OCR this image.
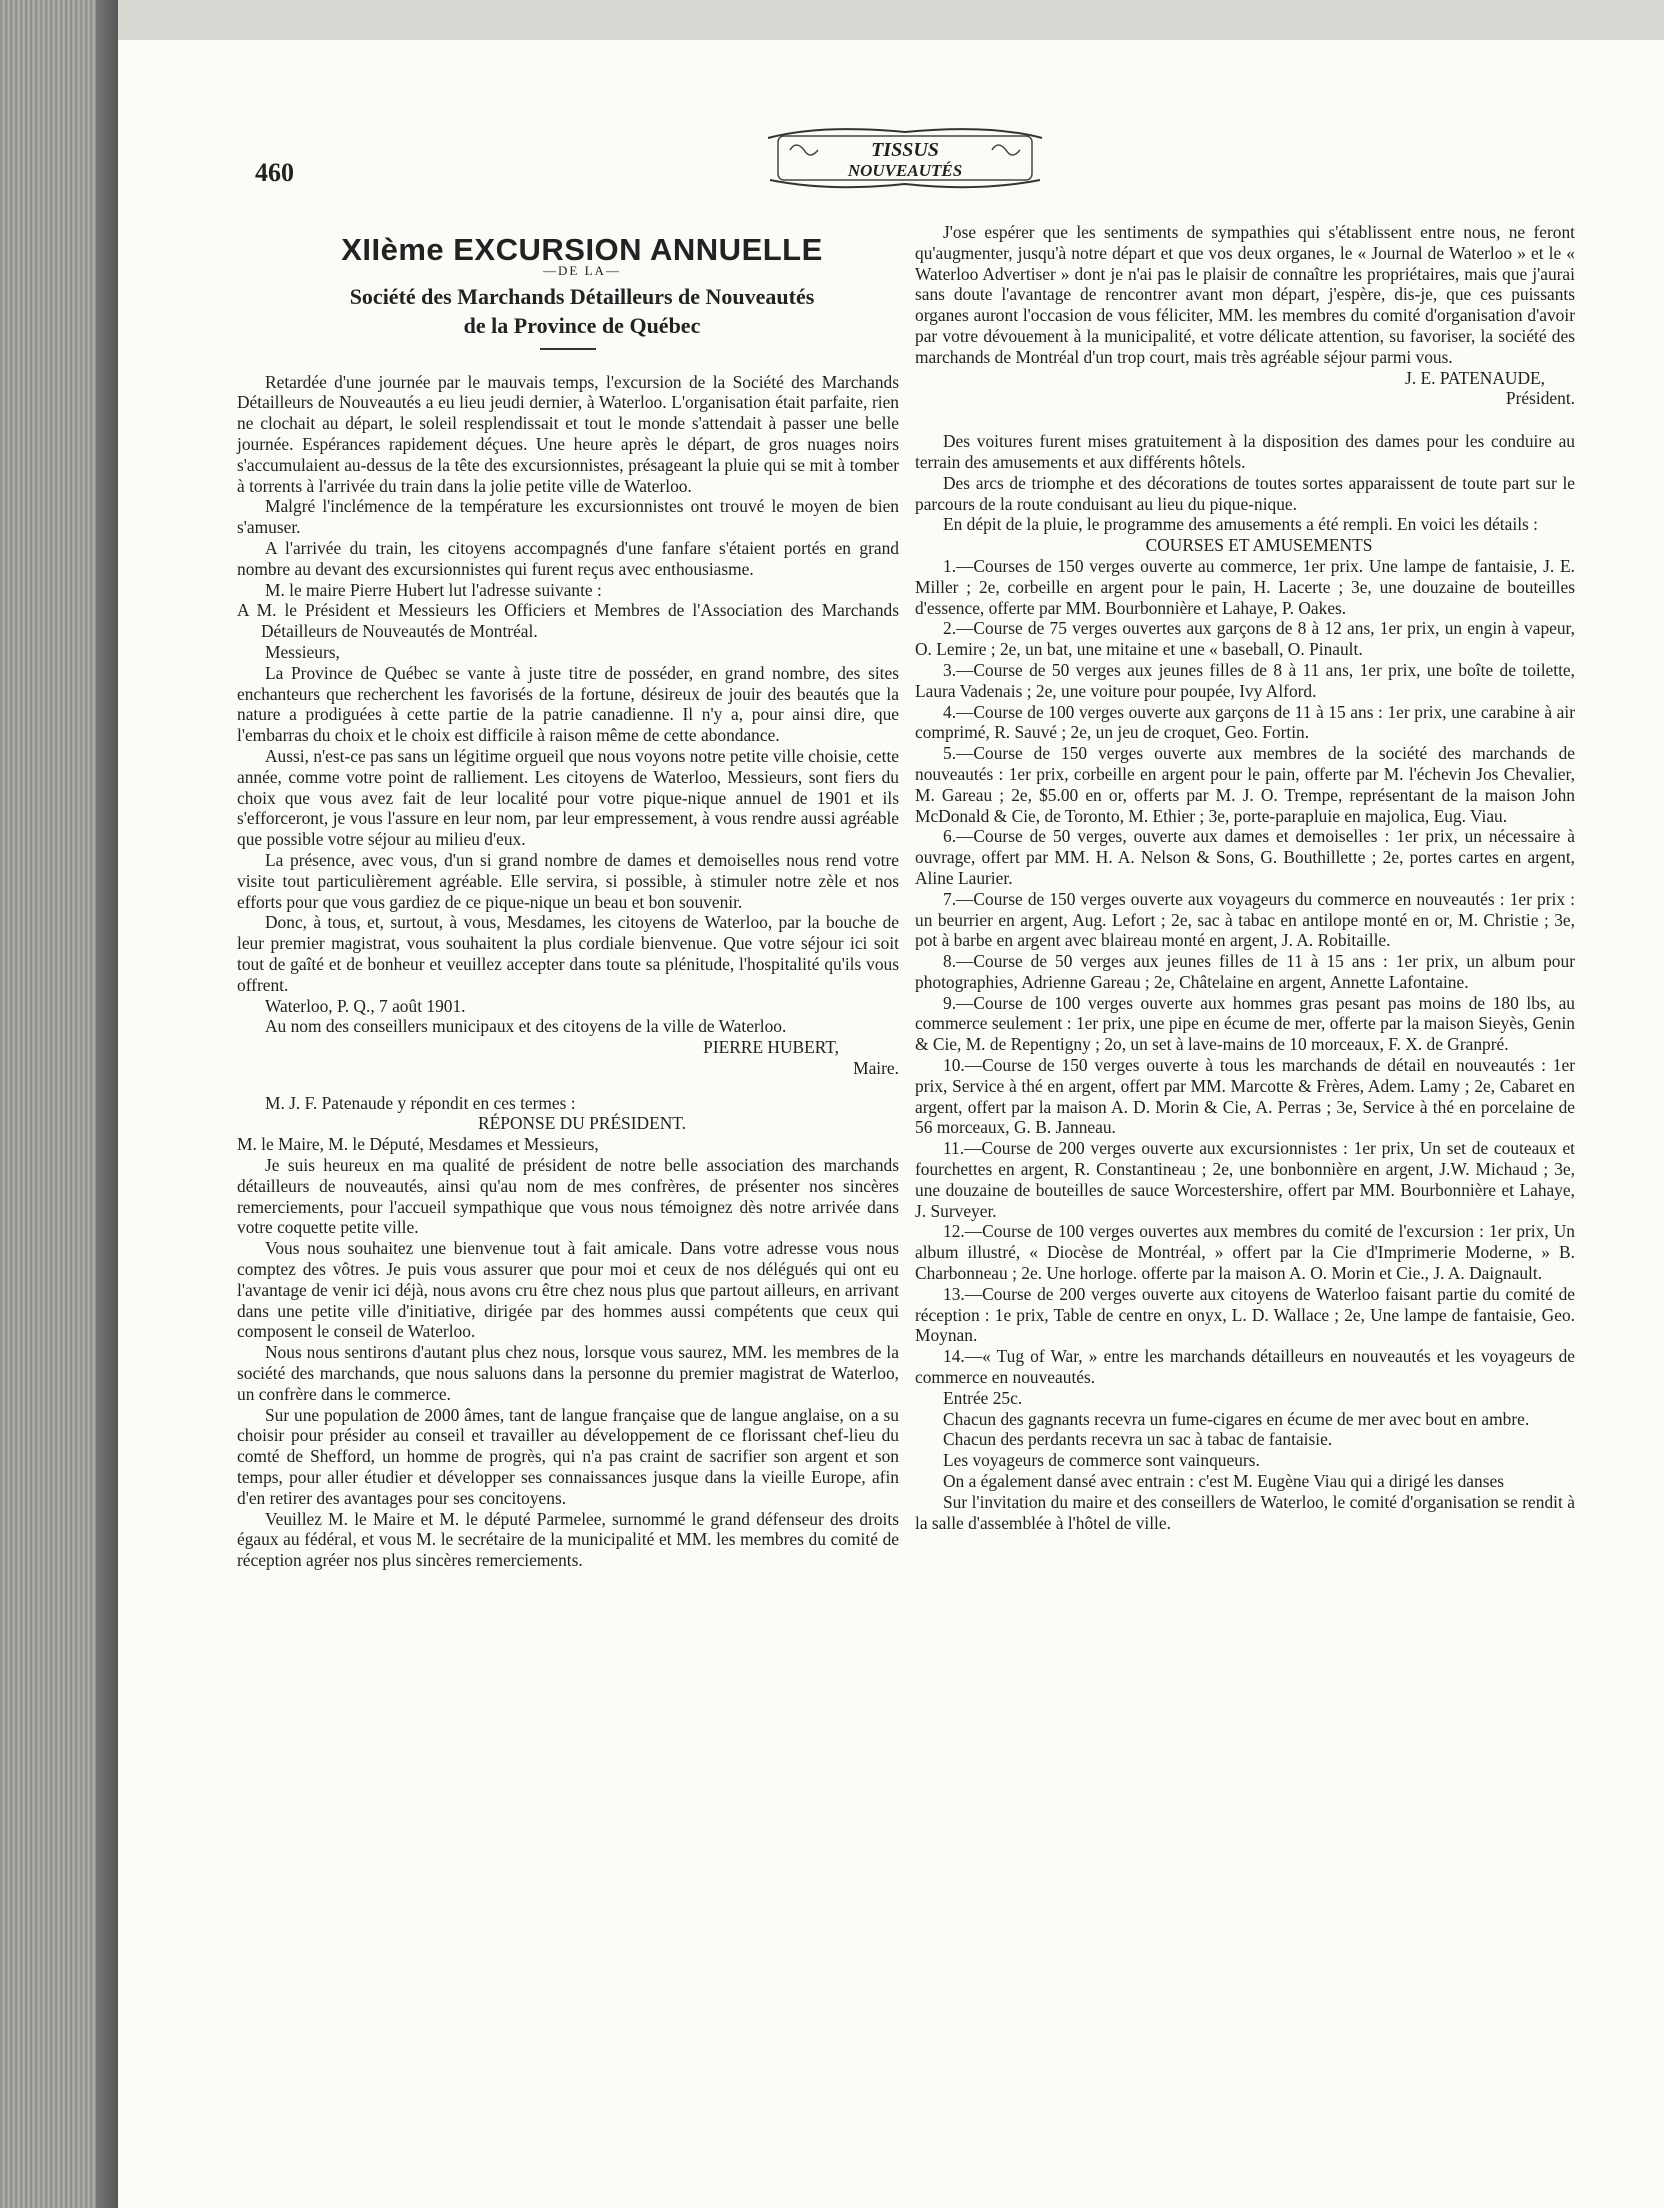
460
TISSUS
NOUVEAUTÉS

XIIème EXCURSION ANNUELLE

—DE LA—

Société des Marchands Détailleurs de Nouveautés

de la Province de Québec

Retardée d'une journée par le mauvais temps, l'excursion de la Société des Marchands Détailleurs de Nouveautés a eu lieu jeudi dernier, à Waterloo. L'organisation était parfaite, rien ne clochait au départ, le soleil resplendissait et tout le monde s'attendait à passer une belle journée. Espérances rapidement déçues. Une heure après le départ, de gros nuages noirs s'accumulaient au-dessus de la tête des excursionnistes, présageant la pluie qui se mit à tomber à torrents à l'arrivée du train dans la jolie petite ville de Waterloo.

Malgré l'inclémence de la température les excursionnistes ont trouvé le moyen de bien s'amuser.

A l'arrivée du train, les citoyens accompagnés d'une fanfare s'étaient portés en grand nombre au devant des excursionnistes qui furent reçus avec enthousiasme.

M. le maire Pierre Hubert lut l'adresse suivante :

A M. le Président et Messieurs les Officiers et Membres de l'Association des Marchands Détailleurs de Nouveautés de Montréal.

Messieurs,

La Province de Québec se vante à juste titre de posséder, en grand nombre, des sites enchanteurs que recherchent les favorisés de la fortune, désireux de jouir des beautés que la nature a prodiguées à cette partie de la patrie canadienne. Il n'y a, pour ainsi dire, que l'embarras du choix et le choix est difficile à raison même de cette abondance.

Aussi, n'est-ce pas sans un légitime orgueil que nous voyons notre petite ville choisie, cette année, comme votre point de ralliement. Les citoyens de Waterloo, Messieurs, sont fiers du choix que vous avez fait de leur localité pour votre pique-nique annuel de 1901 et ils s'efforceront, je vous l'assure en leur nom, par leur empressement, à vous rendre aussi agréable que possible votre séjour au milieu d'eux.

La présence, avec vous, d'un si grand nombre de dames et demoiselles nous rend votre visite tout particulièrement agréable. Elle servira, si possible, à stimuler notre zèle et nos efforts pour que vous gardiez de ce pique-nique un beau et bon souvenir.

Donc, à tous, et, surtout, à vous, Mesdames, les citoyens de Waterloo, par la bouche de leur premier magistrat, vous souhaitent la plus cordiale bienvenue. Que votre séjour ici soit tout de gaîté et de bonheur et veuillez accepter dans toute sa plénitude, l'hospitalité qu'ils vous offrent.

Waterloo, P. Q., 7 août 1901.

Au nom des conseillers municipaux et des citoyens de la ville de Waterloo.

PIERRE HUBERT,

Maire.

M. J. F. Patenaude y répondit en ces termes :

RÉPONSE DU PRÉSIDENT.

M. le Maire, M. le Député, Mesdames et Messieurs,

Je suis heureux en ma qualité de président de notre belle association des marchands détailleurs de nouveautés, ainsi qu'au nom de mes confrères, de présenter nos sincères remerciements, pour l'accueil sympathique que vous nous témoignez dès notre arrivée dans votre coquette petite ville.

Vous nous souhaitez une bienvenue tout à fait amicale. Dans votre adresse vous nous comptez des vôtres. Je puis vous assurer que pour moi et ceux de nos délégués qui ont eu l'avantage de venir ici déjà, nous avons cru être chez nous plus que partout ailleurs, en arrivant dans une petite ville d'initiative, dirigée par des hommes aussi compétents que ceux qui composent le conseil de Waterloo.

Nous nous sentirons d'autant plus chez nous, lorsque vous saurez, MM. les membres de la société des marchands, que nous saluons dans la personne du premier magistrat de Waterloo, un confrère dans le commerce.

Sur une population de 2000 âmes, tant de langue française que de langue anglaise, on a su choisir pour présider au conseil et travailler au développement de ce florissant chef-lieu du comté de Shefford, un homme de progrès, qui n'a pas craint de sacrifier son argent et son temps, pour aller étudier et développer ses connaissances jusque dans la vieille Europe, afin d'en retirer des avantages pour ses concitoyens.

Veuillez M. le Maire et M. le député Parmelee, surnommé le grand défenseur des droits égaux au fédéral, et vous M. le secrétaire de la municipalité et MM. les membres du comité de réception agréer nos plus sincères remerciements.

J'ose espérer que les sentiments de sympathies qui s'établissent entre nous, ne feront qu'augmenter, jusqu'à notre départ et que vos deux organes, le « Journal de Waterloo » et le « Waterloo Advertiser » dont je n'ai pas le plaisir de connaître les propriétaires, mais que j'aurai sans doute l'avantage de rencontrer avant mon départ, j'espère, dis-je, que ces puissants organes auront l'occasion de vous féliciter, MM. les membres du comité d'organisation d'avoir par votre dévouement à la municipalité, et votre délicate attention, su favoriser, la société des marchands de Montréal d'un trop court, mais très agréable séjour parmi vous.

J. E. PATENAUDE,

Président.

Des voitures furent mises gratuitement à la disposition des dames pour les conduire au terrain des amusements et aux différents hôtels.

Des arcs de triomphe et des décorations de toutes sortes apparaissent de toute part sur le parcours de la route conduisant au lieu du pique-nique.

En dépit de la pluie, le programme des amusements a été rempli. En voici les détails :

COURSES ET AMUSEMENTS

1.—Courses de 150 verges ouverte au commerce, 1er prix. Une lampe de fantaisie, J. E. Miller ; 2e, corbeille en argent pour le pain, H. Lacerte ; 3e, une douzaine de bouteilles d'essence, offerte par MM. Bourbonnière et Lahaye, P. Oakes.

2.—Course de 75 verges ouvertes aux garçons de 8 à 12 ans, 1er prix, un engin à vapeur, O. Lemire ; 2e, un bat, une mitaine et une « baseball, O. Pinault.

3.—Course de 50 verges aux jeunes filles de 8 à 11 ans, 1er prix, une boîte de toilette, Laura Vadenais ; 2e, une voiture pour poupée, Ivy Alford.

4.—Course de 100 verges ouverte aux garçons de 11 à 15 ans : 1er prix, une carabine à air comprimé, R. Sauvé ; 2e, un jeu de croquet, Geo. Fortin.

5.—Course de 150 verges ouverte aux membres de la société des marchands de nouveautés : 1er prix, corbeille en argent pour le pain, offerte par M. l'échevin Jos Chevalier, M. Gareau ; 2e, $5.00 en or, offerts par M. J. O. Trempe, représentant de la maison John McDonald & Cie, de Toronto, M. Ethier ; 3e, porte-parapluie en majolica, Eug. Viau.

6.—Course de 50 verges, ouverte aux dames et demoiselles : 1er prix, un nécessaire à ouvrage, offert par MM. H. A. Nelson & Sons, G. Bouthillette ; 2e, portes cartes en argent, Aline Laurier.

7.—Course de 150 verges ouverte aux voyageurs du commerce en nouveautés : 1er prix : un beurrier en argent, Aug. Lefort ; 2e, sac à tabac en antilope monté en or, M. Christie ; 3e, pot à barbe en argent avec blaireau monté en argent, J. A. Robitaille.

8.—Course de 50 verges aux jeunes filles de 11 à 15 ans : 1er prix, un album pour photographies, Adrienne Gareau ; 2e, Châtelaine en argent, Annette Lafontaine.

9.—Course de 100 verges ouverte aux hommes gras pesant pas moins de 180 lbs, au commerce seulement : 1er prix, une pipe en écume de mer, offerte par la maison Sieyès, Genin & Cie, M. de Repentigny ; 2o, un set à lave-mains de 10 morceaux, F. X. de Granpré.

10.—Course de 150 verges ouverte à tous les marchands de détail en nouveautés : 1er prix, Service à thé en argent, offert par MM. Marcotte & Frères, Adem. Lamy ; 2e, Cabaret en argent, offert par la maison A. D. Morin & Cie, A. Perras ; 3e, Service à thé en porcelaine de 56 morceaux, G. B. Janneau.

11.—Course de 200 verges ouverte aux excursionnistes : 1er prix, Un set de couteaux et fourchettes en argent, R. Constantineau ; 2e, une bonbonnière en argent, J.W. Michaud ; 3e, une douzaine de bouteilles de sauce Worcestershire, offert par MM. Bourbonnière et Lahaye, J. Surveyer.

12.—Course de 100 verges ouvertes aux membres du comité de l'excursion : 1er prix, Un album illustré, « Diocèse de Montréal, » offert par la Cie d'Imprimerie Moderne, » B. Charbonneau ; 2e. Une horloge. offerte par la maison A. O. Morin et Cie., J. A. Daignault.

13.—Course de 200 verges ouverte aux citoyens de Waterloo faisant partie du comité de réception : 1e prix, Table de centre en onyx, L. D. Wallace ; 2e, Une lampe de fantaisie, Geo. Moynan.

14.—« Tug of War, » entre les marchands détailleurs en nouveautés et les voyageurs de commerce en nouveautés.

Entrée 25c.

Chacun des gagnants recevra un fume-cigares en écume de mer avec bout en ambre.

Chacun des perdants recevra un sac à tabac de fantaisie.

Les voyageurs de commerce sont vainqueurs.

On a également dansé avec entrain : c'est M. Eugène Viau qui a dirigé les danses

Sur l'invitation du maire et des conseillers de Waterloo, le comité d'organisation se rendit à la salle d'assemblée à l'hôtel de ville.
